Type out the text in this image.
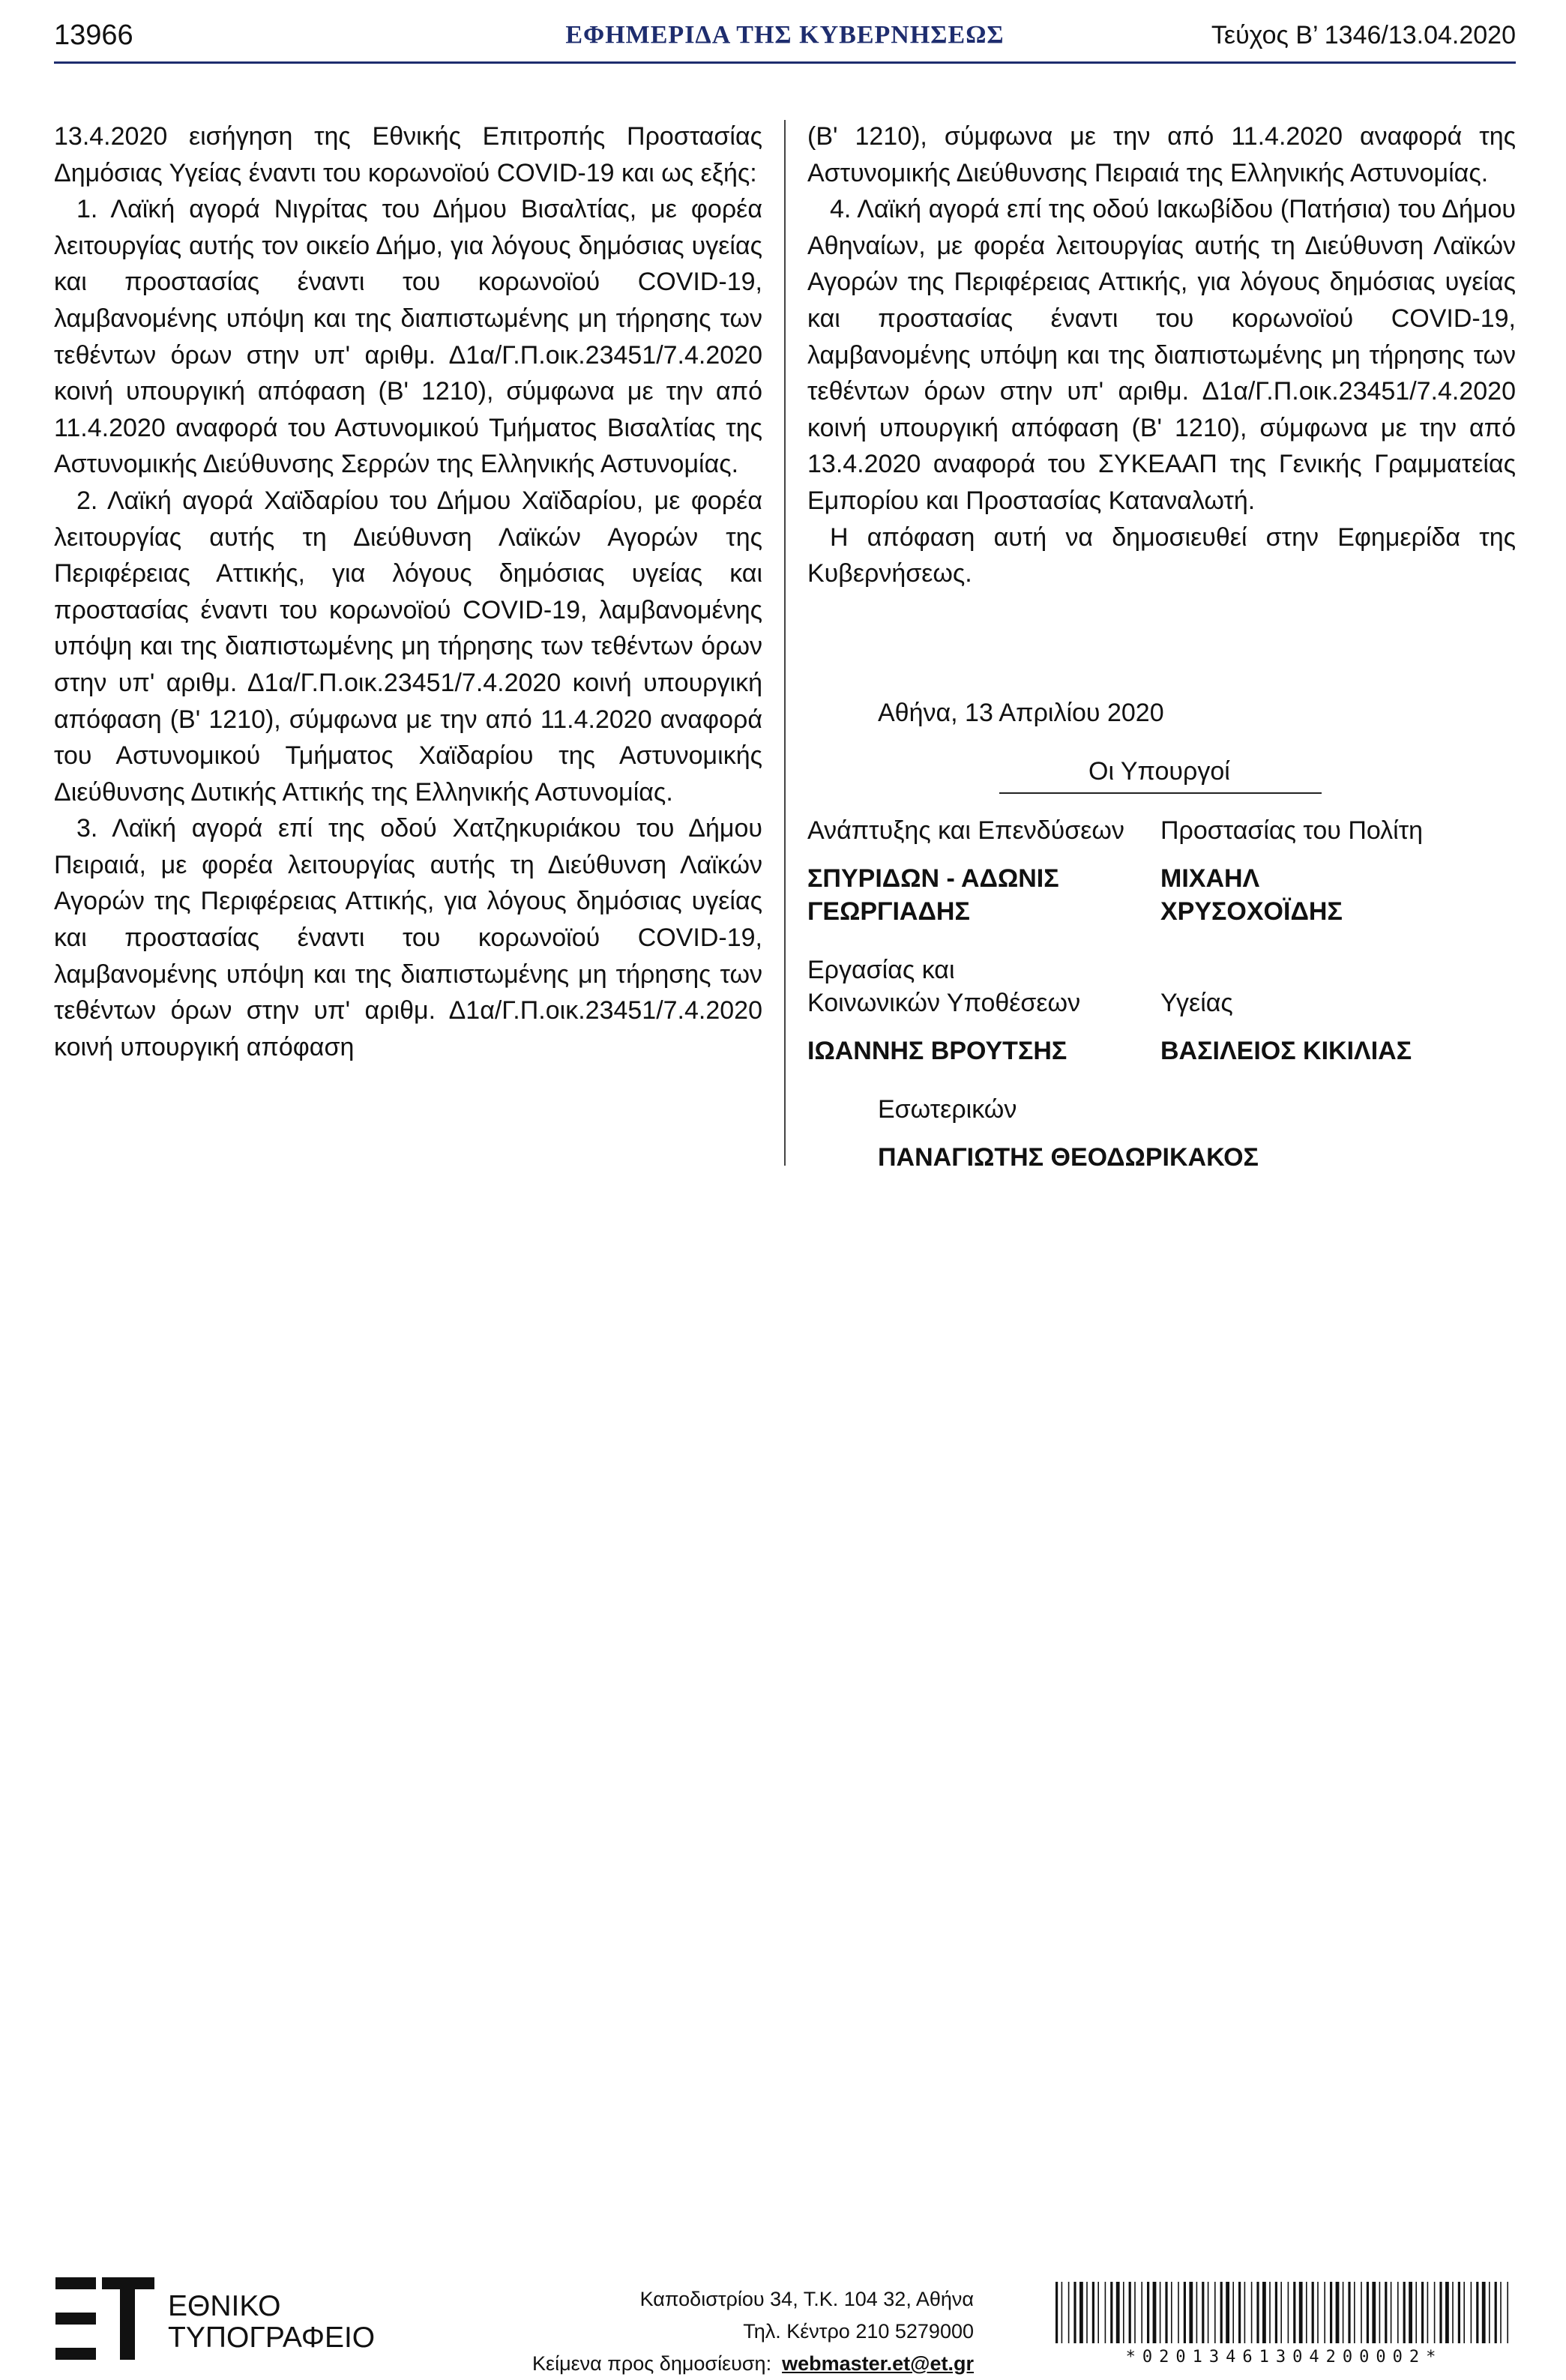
13966	ΕΦΗΜΕΡΙΔΑ ΤΗΣ ΚΥΒΕΡΝΗΣΕΩΣ	Τεύχος Β’ 1346/13.04.2020

13.4.2020 εισήγηση της Εθνικής Επιτροπής Προστασίας Δημόσιας Υγείας έναντι του κορωνοϊού COVID-19 και ως εξής:

1. Λαϊκή αγορά Νιγρίτας του Δήμου Βισαλτίας, με φορέα λειτουργίας αυτής τον οικείο Δήμο, για λόγους δημόσιας υγείας και προστασίας έναντι του κορωνοϊού COVID-19, λαμβανομένης υπόψη και της διαπιστωμένης μη τήρησης των τεθέντων όρων στην υπ' αριθμ. Δ1α/Γ.Π.οικ.23451/7.4.2020 κοινή υπουργική απόφαση (Β' 1210), σύμφωνα με την από 11.4.2020 αναφορά του Αστυνομικού Τμήματος Βισαλτίας της Αστυνομικής Διεύθυνσης Σερρών της Ελληνικής Αστυνομίας.

2. Λαϊκή αγορά Χαϊδαρίου του Δήμου Χαϊδαρίου, με φορέα λειτουργίας αυτής τη Διεύθυνση Λαϊκών Αγορών της Περιφέρειας Αττικής, για λόγους δημόσιας υγείας και προστασίας έναντι του κορωνοϊού COVID-19, λαμβανομένης υπόψη και της διαπιστωμένης μη τήρησης των τεθέντων όρων στην υπ' αριθμ. Δ1α/Γ.Π.οικ.23451/7.4.2020 κοινή υπουργική απόφαση (Β' 1210), σύμφωνα με την από 11.4.2020 αναφορά του Αστυνομικού Τμήματος Χαϊδαρίου της Αστυνομικής Διεύθυνσης Δυτικής Αττικής της Ελληνικής Αστυνομίας.

3. Λαϊκή αγορά επί της οδού Χατζηκυριάκου του Δήμου Πειραιά, με φορέα λειτουργίας αυτής τη Διεύθυνση Λαϊκών Αγορών της Περιφέρειας Αττικής, για λόγους δημόσιας υγείας και προστασίας έναντι του κορωνοϊού COVID-19, λαμβανομένης υπόψη και της διαπιστωμένης μη τήρησης των τεθέντων όρων στην υπ' αριθμ. Δ1α/Γ.Π.οικ.23451/7.4.2020 κοινή υπουργική απόφαση

(Β' 1210), σύμφωνα με την από 11.4.2020 αναφορά της Αστυνομικής Διεύθυνσης Πειραιά της Ελληνικής Αστυνομίας.

4. Λαϊκή αγορά επί της οδού Ιακωβίδου (Πατήσια) του Δήμου Αθηναίων, με φορέα λειτουργίας αυτής τη Διεύθυνση Λαϊκών Αγορών της Περιφέρειας Αττικής, για λόγους δημόσιας υγείας και προστασίας έναντι του κορωνοϊού COVID-19, λαμβανομένης υπόψη και της διαπιστωμένης μη τήρησης των τεθέντων όρων στην υπ' αριθμ. Δ1α/Γ.Π.οικ.23451/7.4.2020 κοινή υπουργική απόφαση (Β' 1210), σύμφωνα με την από 13.4.2020 αναφορά του ΣΥΚΕΑΑΠ της Γενικής Γραμματείας Εμπορίου και Προστασίας Καταναλωτή.

Η απόφαση αυτή να δημοσιευθεί στην Εφημερίδα της Κυβερνήσεως.

Αθήνα, 13 Απριλίου 2020
Οι Υπουργοί
Ανάπτυξης και Επενδύσεων
ΣΠΥΡΙΔΩΝ - ΑΔΩΝΙΣ
ΓΕΩΡΓΙΑΔΗΣ
Προστασίας του Πολίτη
ΜΙΧΑΗΛ
ΧΡΥΣΟΧΟΪΔΗΣ
Εργασίας και
Κοινωνικών Υποθέσεων
ΙΩΑΝΝΗΣ ΒΡΟΥΤΣΗΣ
Υγείας
ΒΑΣΙΛΕΙΟΣ ΚΙΚΙΛΙΑΣ
Εσωτερικών
ΠΑΝΑΓΙΩΤΗΣ ΘΕΟΔΩΡΙΚΑΚΟΣ
ΕΘΝΙΚΟ
ΤΥΠΟΓΡΑΦΕΙΟ
Καποδιστρίου 34, Τ.Κ. 104 32, Αθήνα
Τηλ. Κέντρο 210 5279000
Κείμενα προς δημοσίευση: webmaster.et@et.gr	*02013461304200002*
